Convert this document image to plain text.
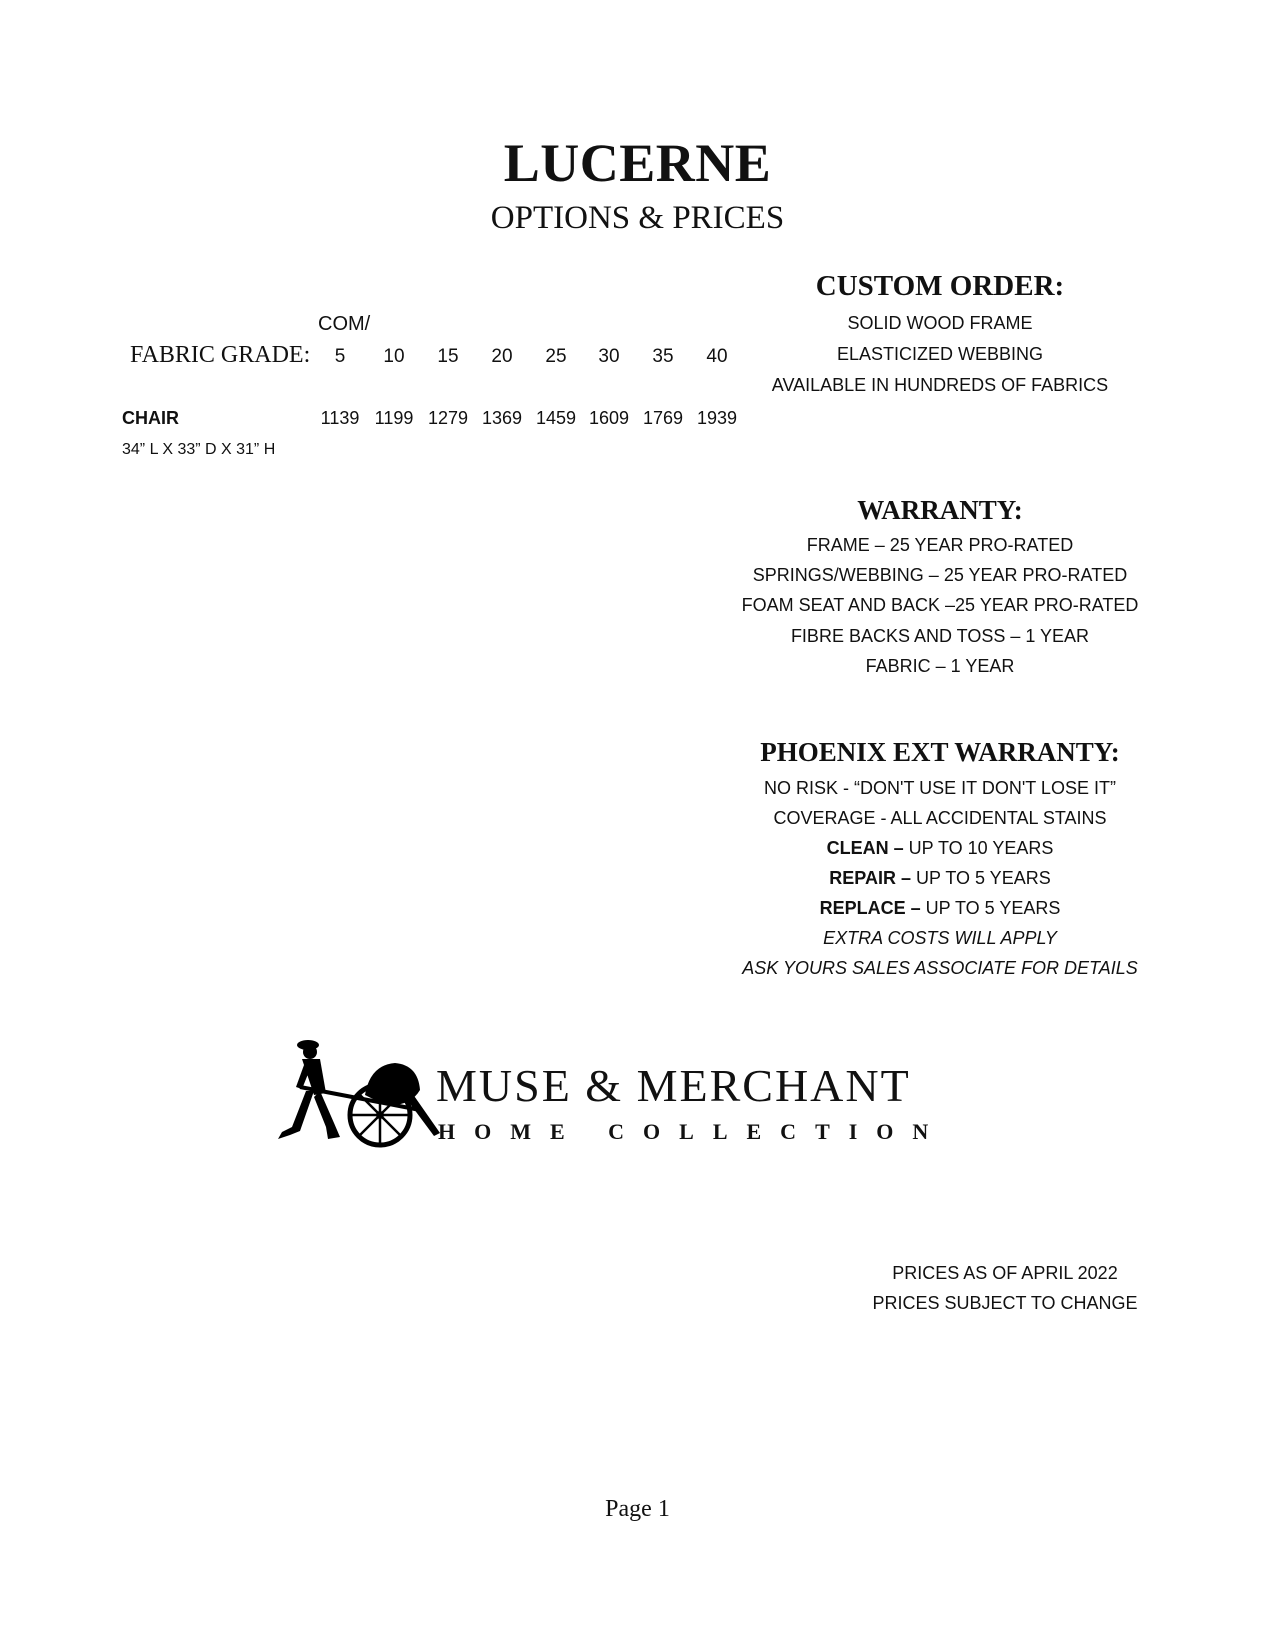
LUCERNE
OPTIONS & PRICES
COM/
FABRIC GRADE:	5	10	15	20	25	30	35	40
CHAIR	1139 1199 1279 1369 1459 1609 1769 1939
34” L X 33” D X 31” H
CUSTOM ORDER:
SOLID WOOD FRAME
ELASTICIZED WEBBING
AVAILABLE IN HUNDREDS OF FABRICS
WARRANTY:
FRAME – 25 YEAR PRO-RATED
SPRINGS/WEBBING – 25 YEAR PRO-RATED
FOAM SEAT AND BACK –25 YEAR PRO-RATED
FIBRE BACKS AND TOSS – 1 YEAR
FABRIC – 1 YEAR
PHOENIX EXT WARRANTY:
NO RISK - “DON'T USE IT DON'T LOSE IT”
COVERAGE - ALL ACCIDENTAL STAINS
CLEAN – UP TO 10 YEARS
REPAIR – UP TO 5 YEARS
REPLACE – UP TO 5 YEARS
EXTRA COSTS WILL APPLY
ASK YOURS SALES ASSOCIATE FOR DETAILS
MUSE & MERCHANT
HOME COLLECTION
PRICES AS OF APRIL 2022
PRICES SUBJECT TO CHANGE
Page 1
